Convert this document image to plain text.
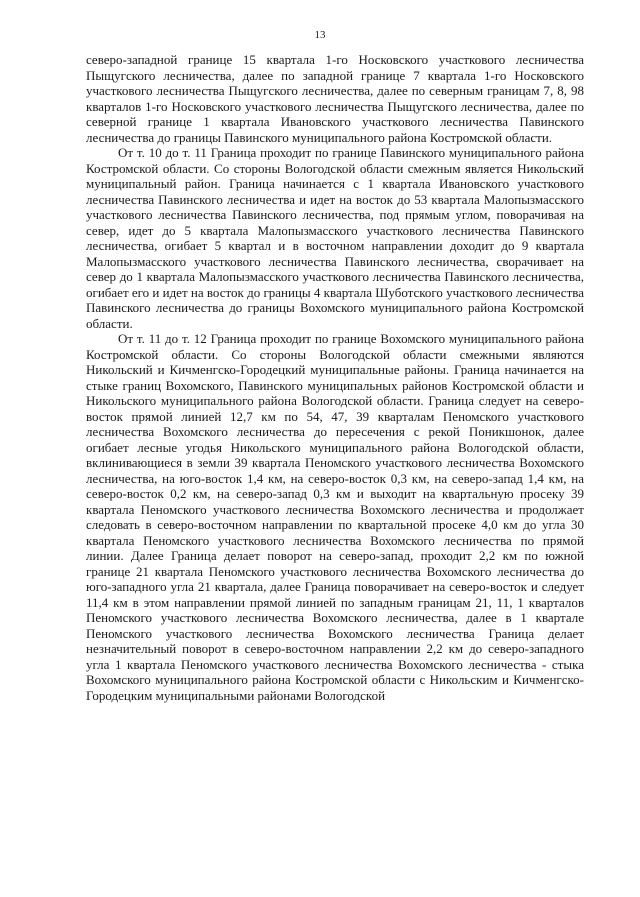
13

северо-западной границе 15 квартала 1-го Носковского участкового лесничества Пыщугского лесничества, далее по западной границе 7 квартала 1-го Носковского участкового лесничества Пыщугского лесничества, далее по северным границам 7, 8, 98 кварталов 1-го Носковского участкового лесничества Пыщугского лесничества, далее по северной границе 1 квартала Ивановского участкового лесничества Павинского лесничества до границы Павинского муниципального района Костромской области.

От т. 10 до т. 11 Граница проходит по границе Павинского муниципального района Костромской области. Со стороны Вологодской области смежным является Никольский муниципальный район. Граница начинается с 1 квартала Ивановского участкового лесничества Павинского лесничества и идет на восток до 53 квартала Малопызмасского участкового лесничества Павинского лесничества, под прямым углом, поворачивая на север, идет до 5 квартала Малопызмасского участкового лесничества Павинского лесничества, огибает 5 квартал и в восточном направлении доходит до 9 квартала Малопызмасского участкового лесничества Павинского лесничества, сворачивает на север до 1 квартала Малопызмасского участкового лесничества Павинского лесничества, огибает его и идет на восток до границы 4 квартала Шуботского участкового лесничества Павинского лесничества до границы Вохомского муниципального района Костромской области.

От т. 11 до т. 12 Граница проходит по границе Вохомского муниципального района Костромской области. Со стороны Вологодской области смежными являются Никольский и Кичменгско-Городецкий муниципальные районы. Граница начинается на стыке границ Вохомского, Павинского муниципальных районов Костромской области и Никольского муниципального района Вологодской области. Граница следует на северо-восток прямой линией 12,7 км по 54, 47, 39 кварталам Пеномского участкового лесничества Вохомского лесничества до пересечения с рекой Поникшонок, далее огибает лесные угодья Никольского муниципального района Вологодской области, вклинивающиеся в земли 39 квартала Пеномского участкового лесничества Вохомского лесничества, на юго-восток 1,4 км, на северо-восток 0,3 км, на северо-запад 1,4 км, на северо-восток 0,2 км, на северо-запад 0,3 км и выходит на квартальную просеку 39 квартала Пеномского участкового лесничества Вохомского лесничества и продолжает следовать в северо-восточном направлении по квартальной просеке 4,0 км до угла 30 квартала Пеномского участкового лесничества Вохомского лесничества по прямой линии. Далее Граница делает поворот на северо-запад, проходит 2,2 км по южной границе 21 квартала Пеномского участкового лесничества Вохомского лесничества до юго-западного угла 21 квартала, далее Граница поворачивает на северо-восток и следует 11,4 км в этом направлении прямой линией по западным границам 21, 11, 1 кварталов Пеномского участкового лесничества Вохомского лесничества, далее в 1 квартале Пеномского участкового лесничества Вохомского лесничества Граница делает незначительный поворот в северо-восточном направлении 2,2 км до северо-западного угла 1 квартала Пеномского участкового лесничества Вохомского лесничества - стыка Вохомского муниципального района Костромской области с Никольским и Кичменгско-Городецким муниципальными районами Вологодской
